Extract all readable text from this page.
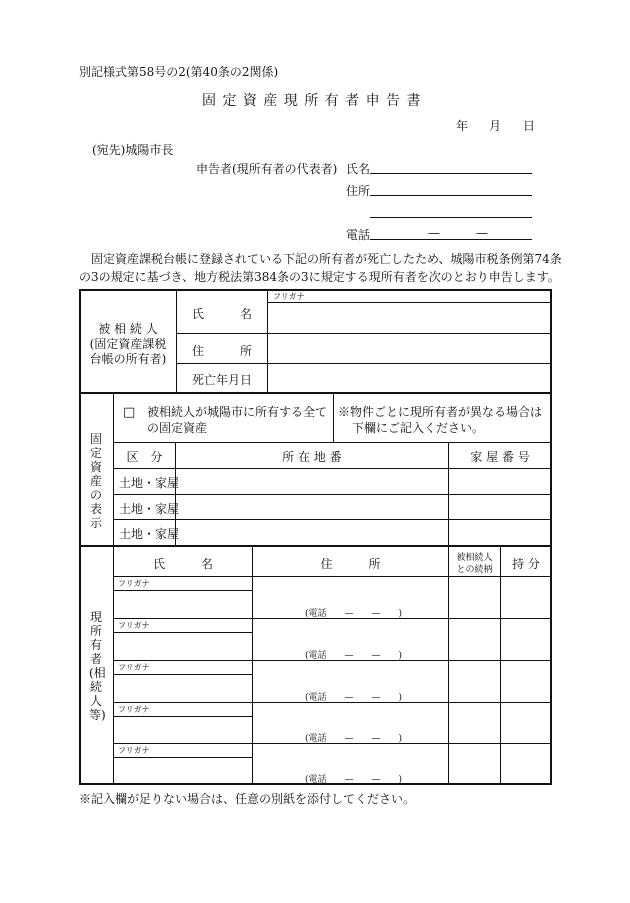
別記様式第58号の2(第40条の2関係)
固 定 資 産 現 所 有 者 申 告 書
年 月 日
(宛先)城陽市長
申告者(現所有者の代表者) 氏名
住所
電話	—	—
　固定資産課税台帳に登録されている下記の所有者が死亡したため、城陽市税条例第74条
の3の規定に基づき、地方税法第384条の3に規定する現所有者を次のとおり申告します。
被 相 続 人
(固定資産課税
台帳の所有者)
氏　　　名
フリガナ
住　　　所
死亡年月日
固定資産の表示
□ 被相続人が城陽市に所有する全て
の固定資産
※物件ごとに現所有者が異なる場合は
下欄にご記入ください。
区　分	所 在 地 番	家 屋 番 号
土地・家屋
土地・家屋
土地・家屋
現所有者(相続人等)
氏　　　名	住　　　所	被相続人
との続柄	持 分
フリガナ
(電話　　—　　—　　)
フリガナ
(電話　　—　　—　　)
フリガナ
(電話　　—　　—　　)
フリガナ
(電話　　—　　—　　)
フリガナ
(電話　　—　　—　　)
※記入欄が足りない場合は、任意の別紙を添付してください。
